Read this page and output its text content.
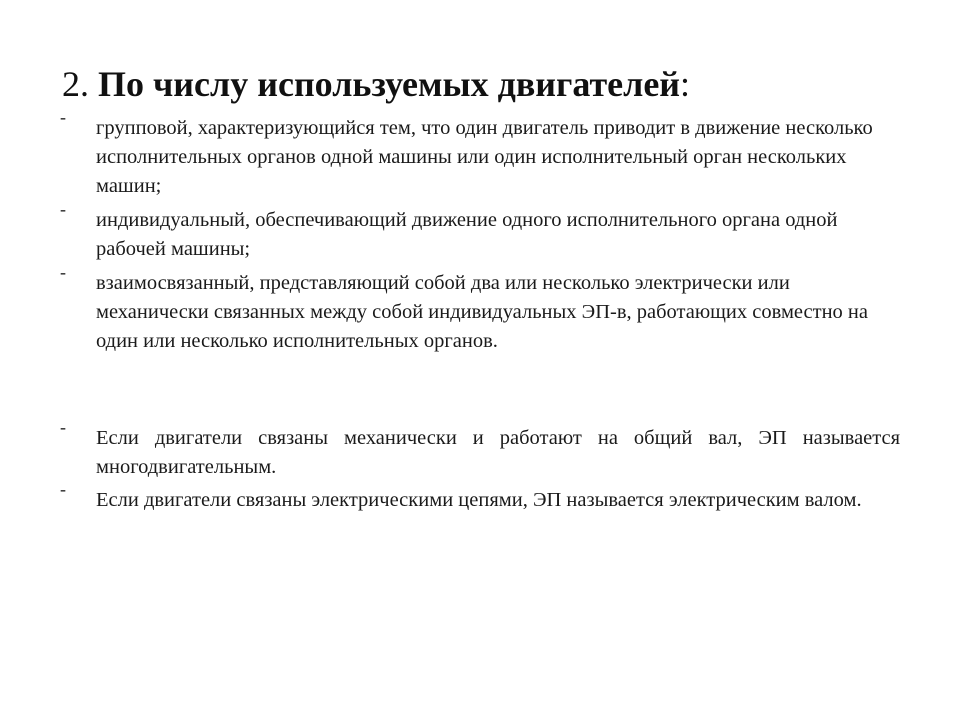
2. По числу используемых двигателей:
- групповой, характеризующийся тем, что один двигатель приводит в движение несколько исполнительных органов одной машины или один исполнительный орган нескольких машин;
- индивидуальный, обеспечивающий движение одного исполнительного органа одной рабочей машины;
- взаимосвязанный, представляющий собой два или несколько электрически или механически связанных между собой индивидуальных ЭП-в, работающих совместно на один или несколько исполнительных органов.
- Если двигатели связаны механически и работают на общий вал, ЭП называется многодвигательным.
- Если двигатели связаны электрическими цепями, ЭП называется электрическим валом.
